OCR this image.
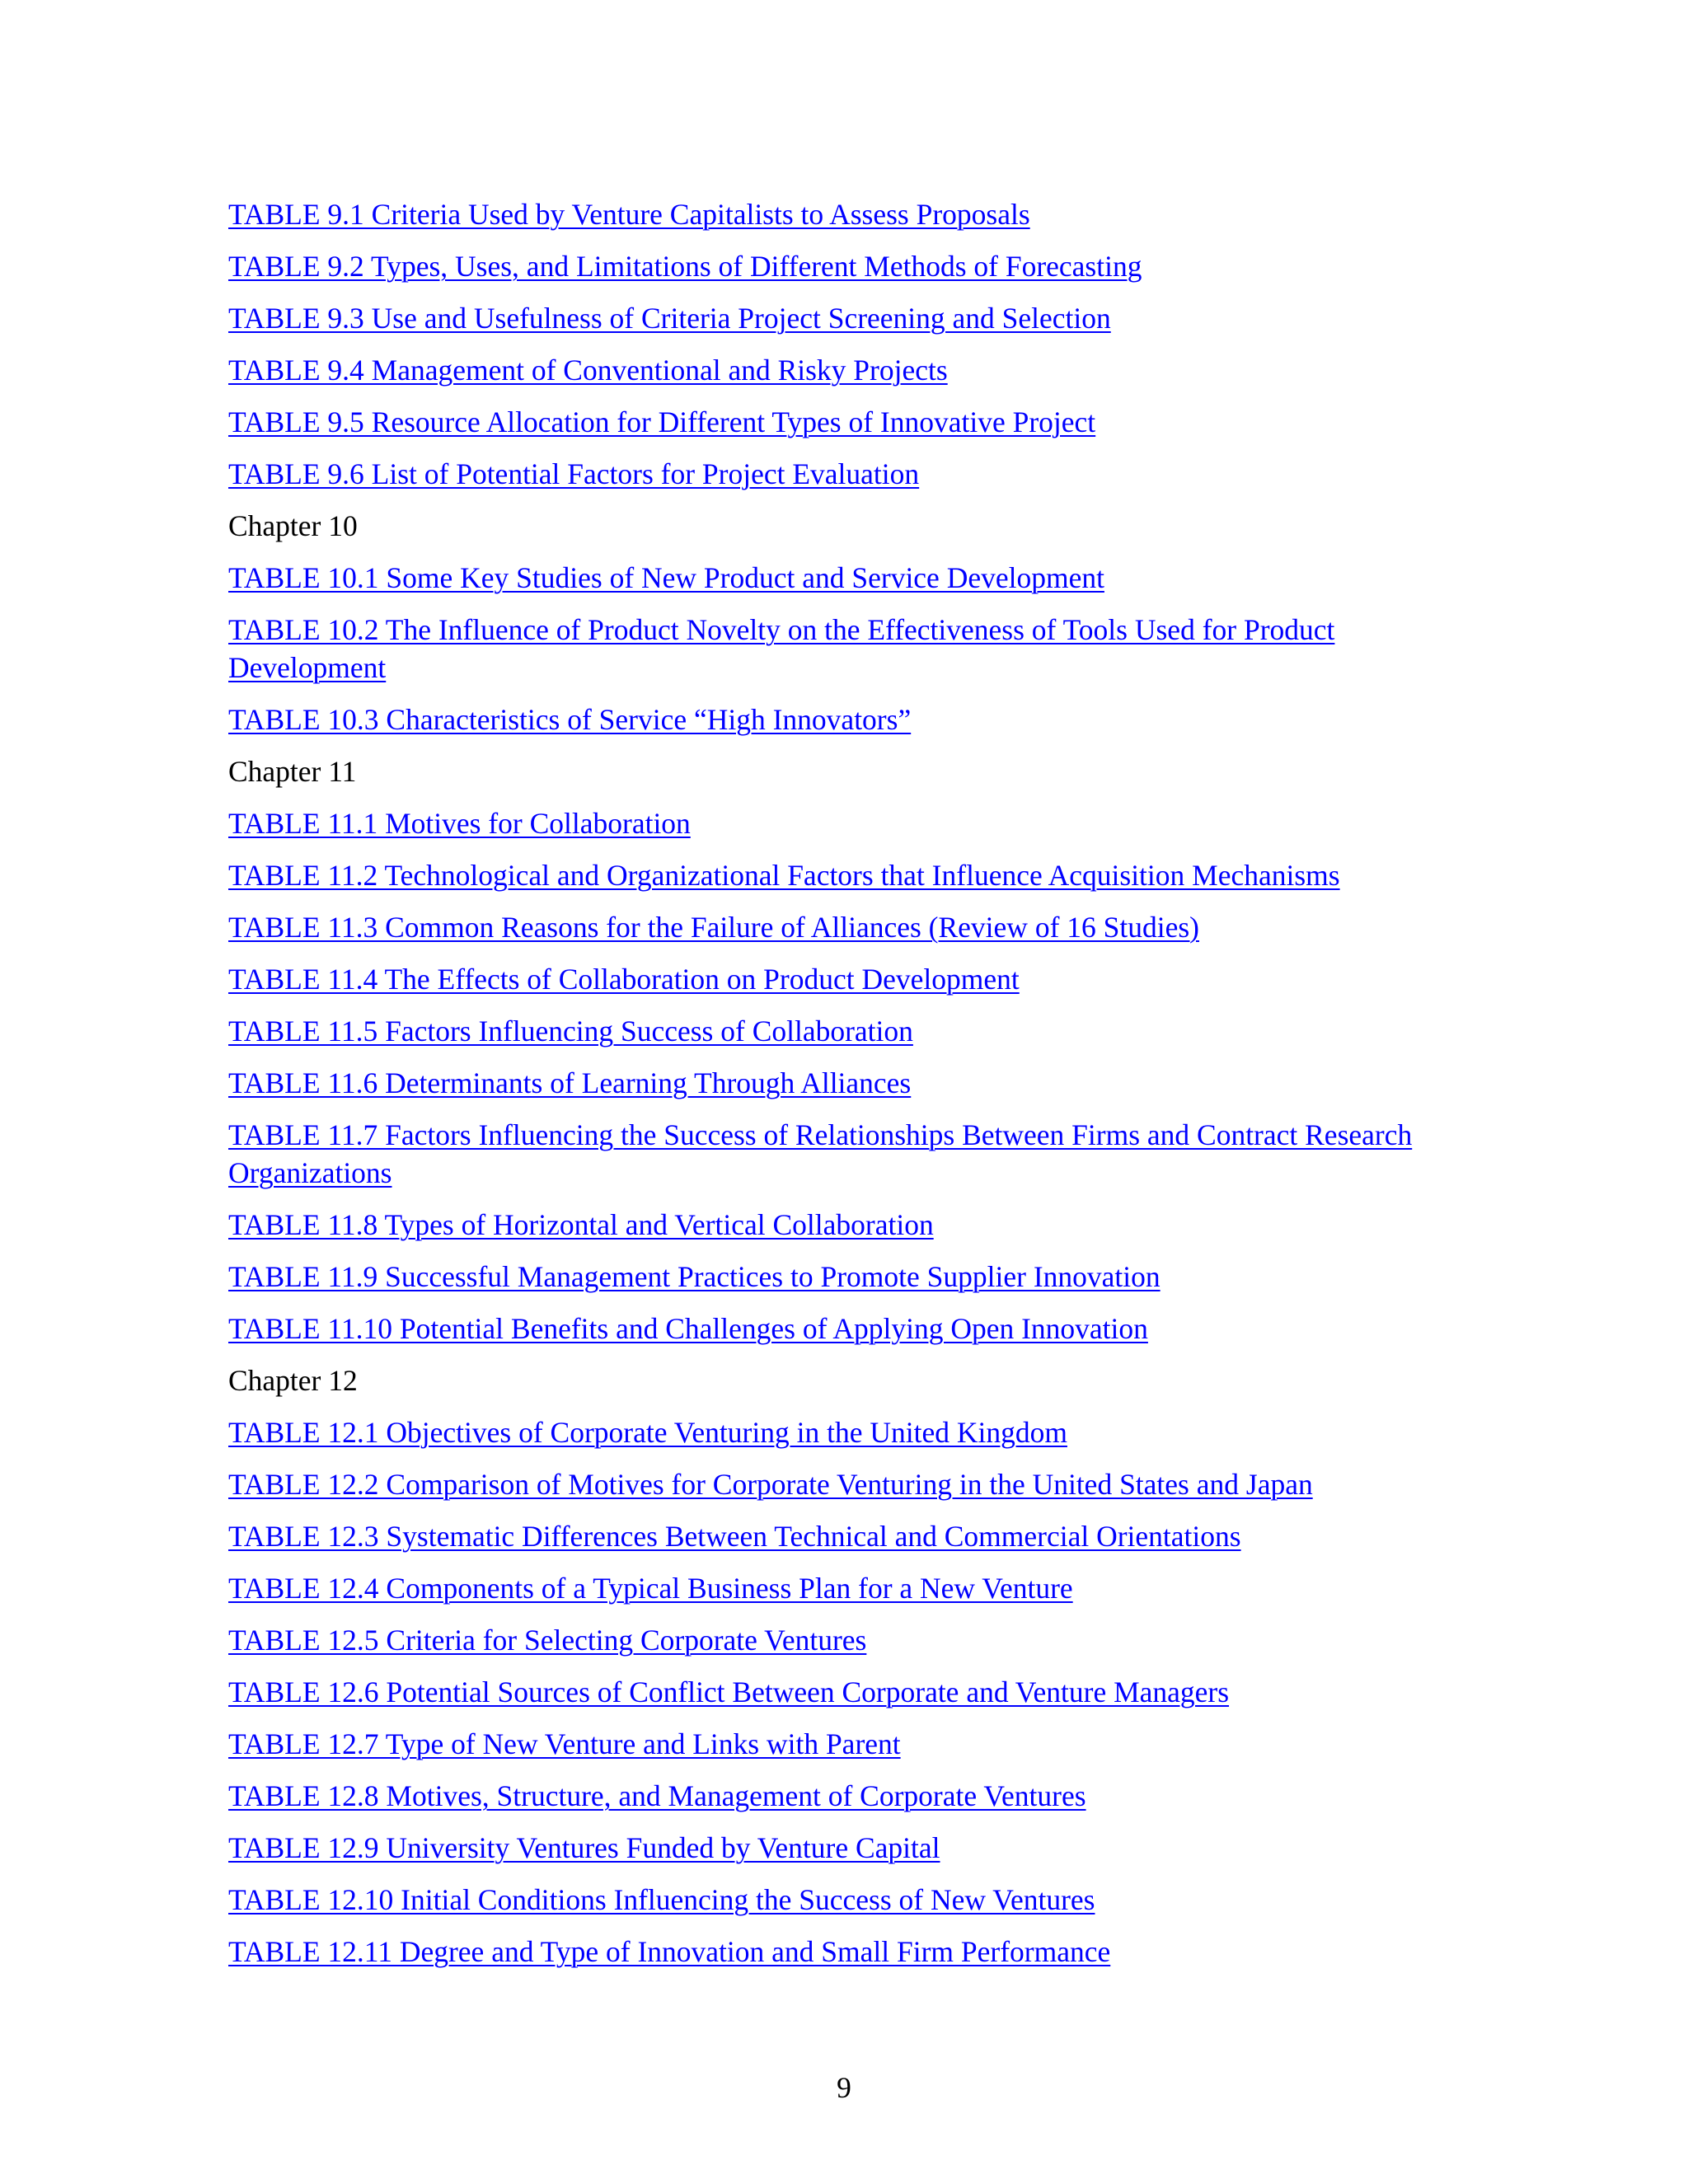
TABLE 9.1 Criteria Used by Venture Capitalists to Assess Proposals
TABLE 9.2 Types, Uses, and Limitations of Different Methods of Forecasting
TABLE 9.3 Use and Usefulness of Criteria Project Screening and Selection
TABLE 9.4 Management of Conventional and Risky Projects
TABLE 9.5 Resource Allocation for Different Types of Innovative Project
TABLE 9.6 List of Potential Factors for Project Evaluation
Chapter 10
TABLE 10.1 Some Key Studies of New Product and Service Development
TABLE 10.2 The Influence of Product Novelty on the Effectiveness of Tools Used for Product Development
TABLE 10.3 Characteristics of Service “High Innovators”
Chapter 11
TABLE 11.1 Motives for Collaboration
TABLE 11.2 Technological and Organizational Factors that Influence Acquisition Mechanisms
TABLE 11.3 Common Reasons for the Failure of Alliances (Review of 16 Studies)
TABLE 11.4 The Effects of Collaboration on Product Development
TABLE 11.5 Factors Influencing Success of Collaboration
TABLE 11.6 Determinants of Learning Through Alliances
TABLE 11.7 Factors Influencing the Success of Relationships Between Firms and Contract Research Organizations
TABLE 11.8 Types of Horizontal and Vertical Collaboration
TABLE 11.9 Successful Management Practices to Promote Supplier Innovation
TABLE 11.10 Potential Benefits and Challenges of Applying Open Innovation
Chapter 12
TABLE 12.1 Objectives of Corporate Venturing in the United Kingdom
TABLE 12.2 Comparison of Motives for Corporate Venturing in the United States and Japan
TABLE 12.3 Systematic Differences Between Technical and Commercial Orientations
TABLE 12.4 Components of a Typical Business Plan for a New Venture
TABLE 12.5 Criteria for Selecting Corporate Ventures
TABLE 12.6 Potential Sources of Conflict Between Corporate and Venture Managers
TABLE 12.7 Type of New Venture and Links with Parent
TABLE 12.8 Motives, Structure, and Management of Corporate Ventures
TABLE 12.9 University Ventures Funded by Venture Capital
TABLE 12.10 Initial Conditions Influencing the Success of New Ventures
TABLE 12.11 Degree and Type of Innovation and Small Firm Performance
9
